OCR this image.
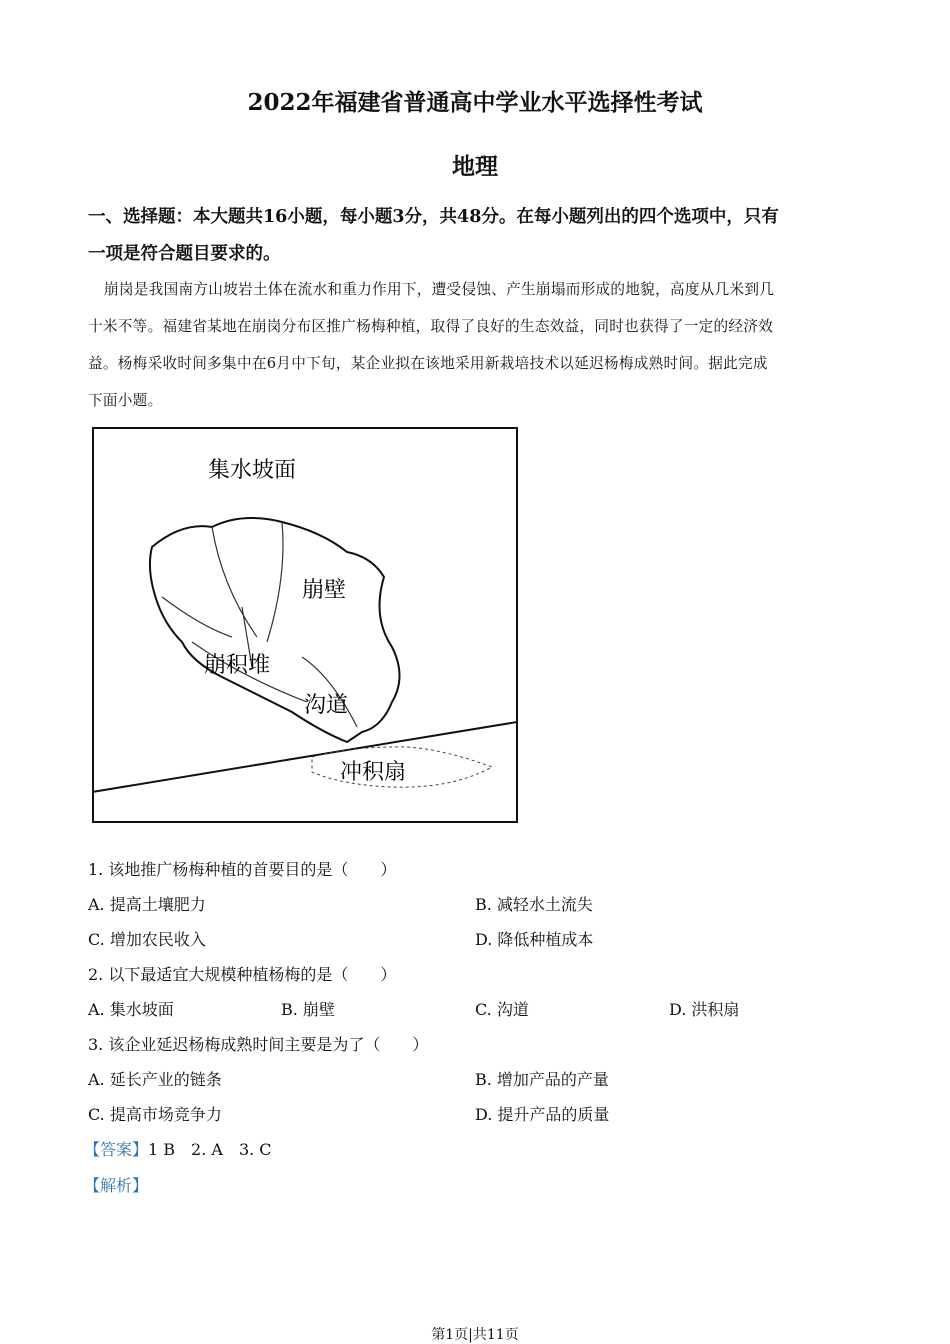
2022年福建省普通高中学业水平选择性考试
地理
一、选择题：本大题共16小题，每小题3分，共48分。在每小题列出的四个选项中，只有
一项是符合题目要求的。
崩岗是我国南方山坡岩土体在流水和重力作用下，遭受侵蚀、产生崩塌而形成的地貌，高度从几米到几
十米不等。福建省某地在崩岗分布区推广杨梅种植，取得了良好的生态效益，同时也获得了一定的经济效
益。杨梅采收时间多集中在6月中下旬，某企业拟在该地采用新栽培技术以延迟杨梅成熟时间。据此完成
下面小题。
集水坡面
崩壁
崩积堆
沟道
冲积扇
1. 该地推广杨梅种植的首要目的是（　　）
A. 提高土壤肥力	B. 减轻水土流失
C. 增加农民收入	D. 降低种植成本
2. 以下最适宜大规模种植杨梅的是（　　）
A. 集水坡面	B. 崩壁	C. 沟道	D. 洪积扇
3. 该企业延迟杨梅成熟时间主要是为了（　　）
A. 延长产业的链条	B. 增加产品的产量
C. 提高市场竞争力	D. 提升产品的质量
【答案】1 B　2. A　3. C
【解析】
第1页|共11页
